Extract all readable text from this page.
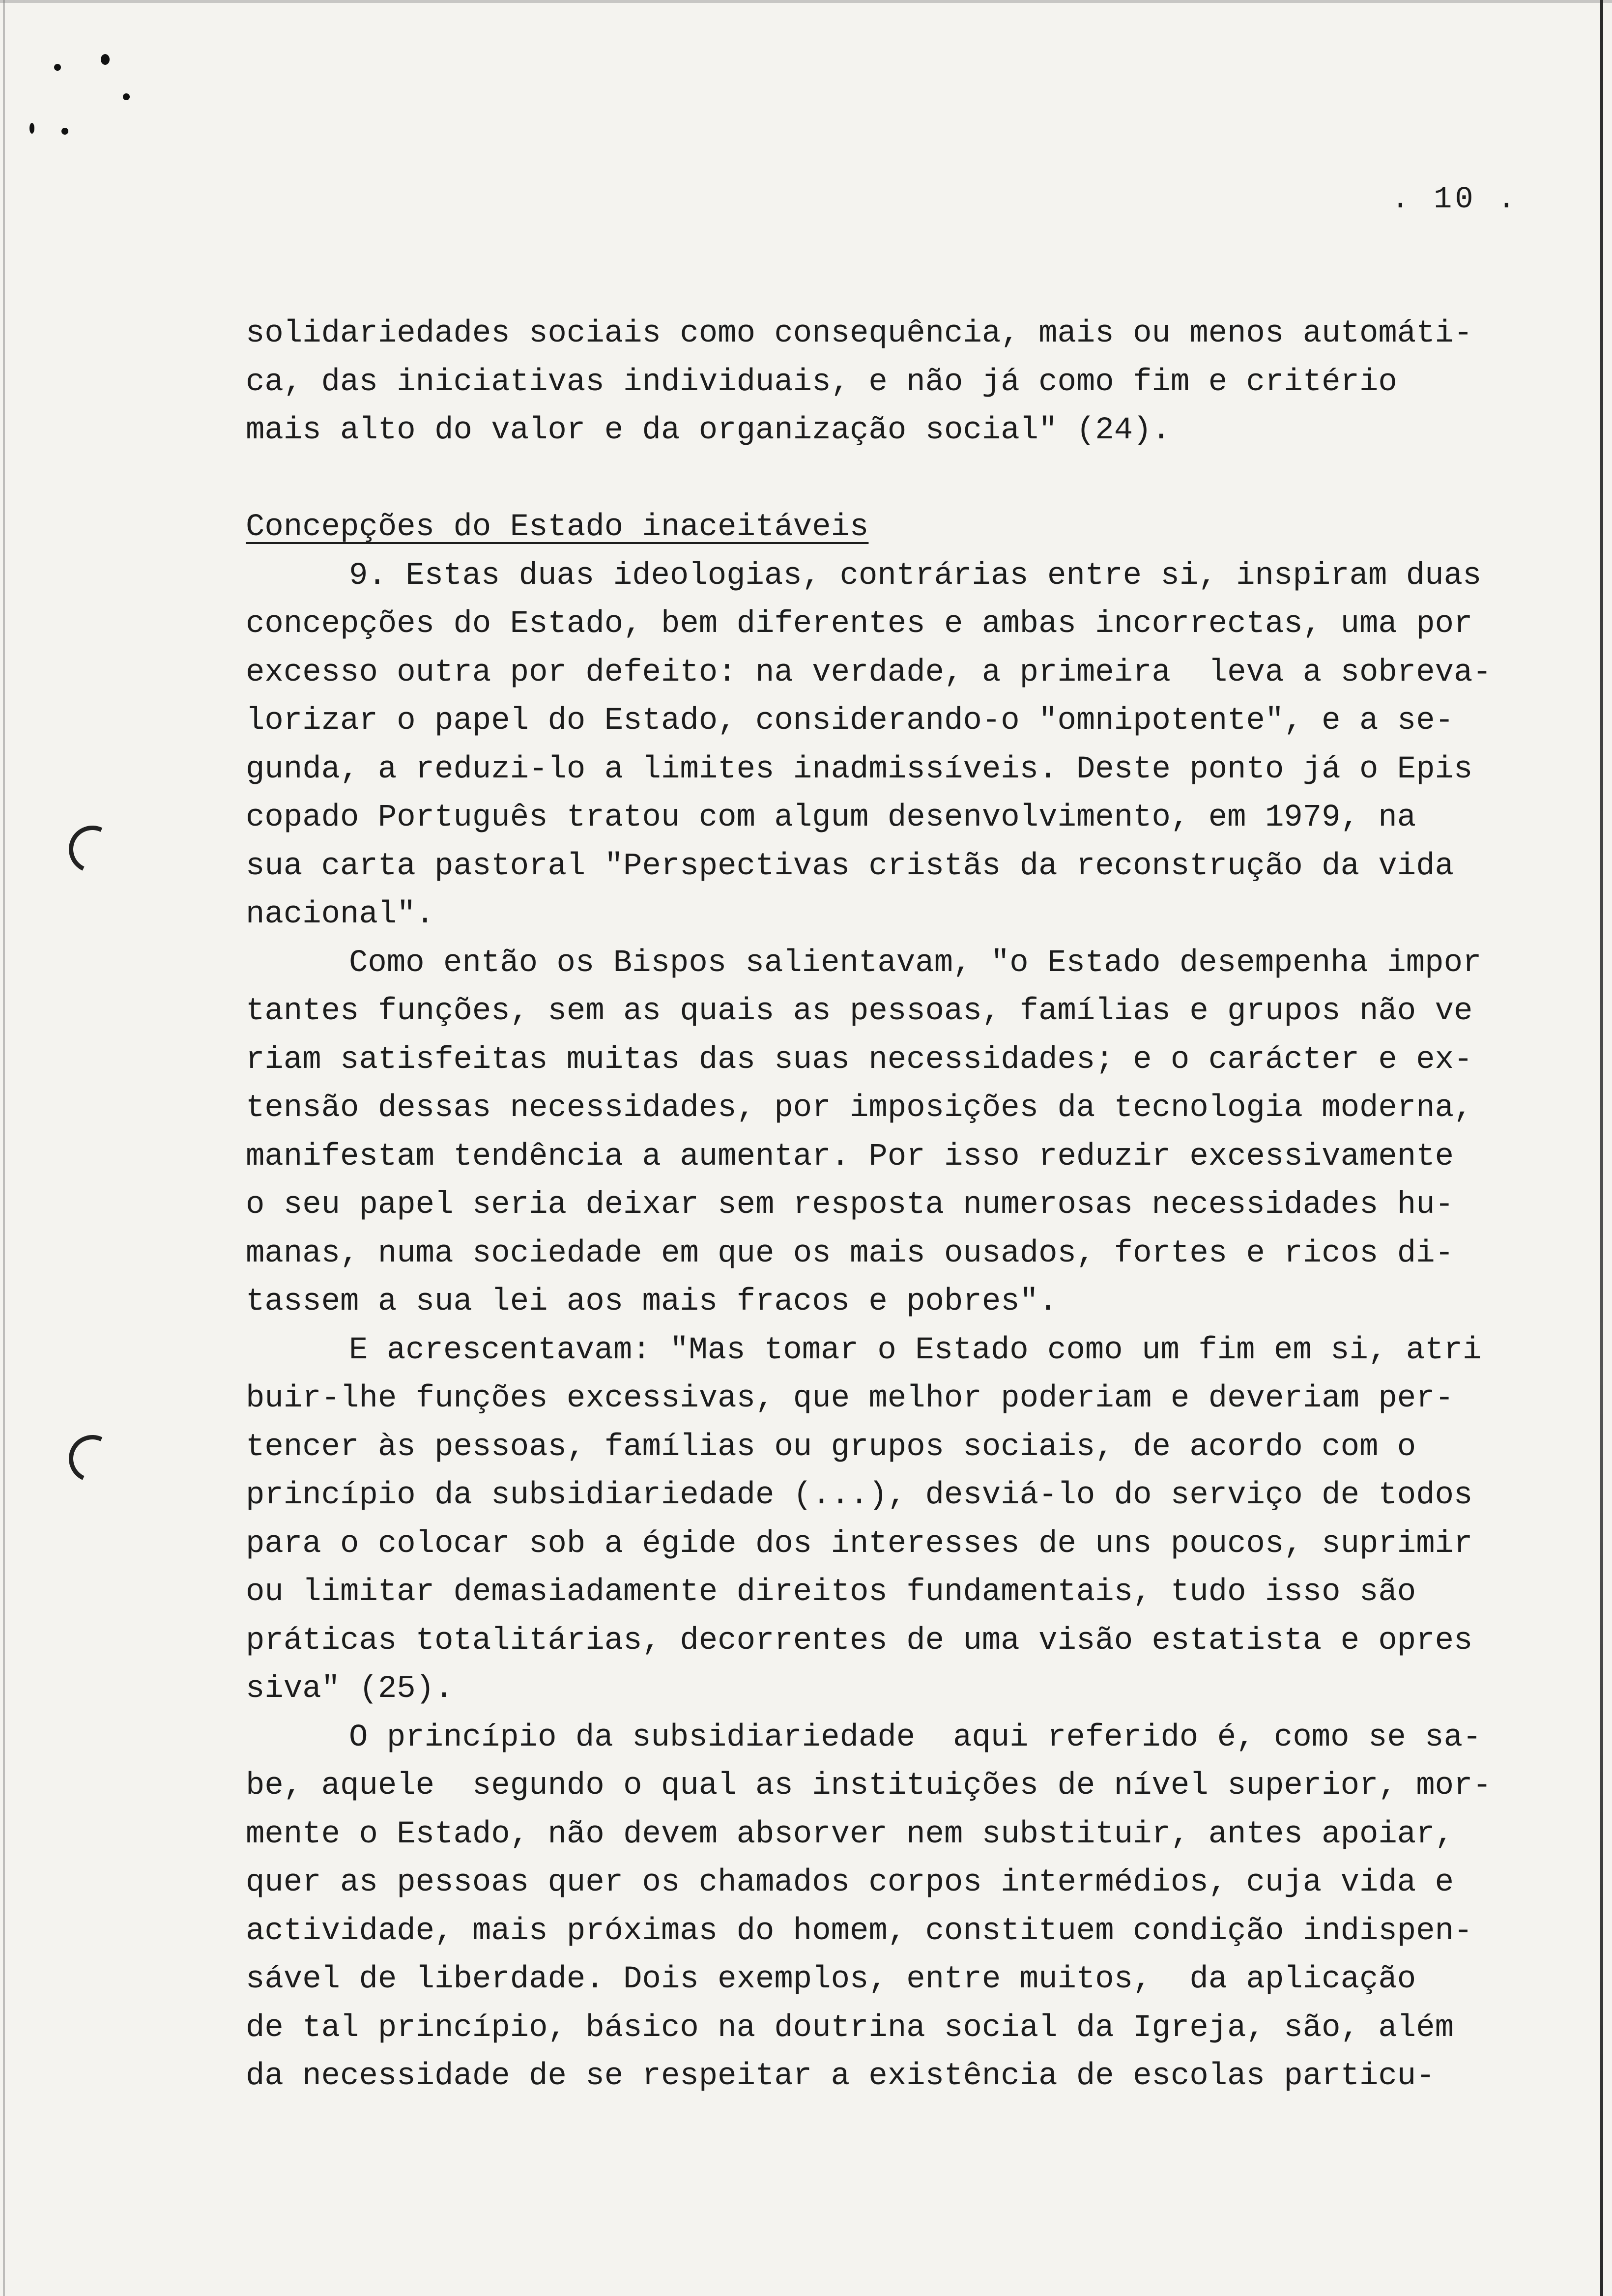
. 10 .
solidariedades sociais como consequência, mais ou menos automáti-
ca, das iniciativas individuais, e não já como fim e critério
mais alto do valor e da organização social" (24).
Concepções do Estado inaceitáveis
9. Estas duas ideologias, contrárias entre si, inspiram duas
concepções do Estado, bem diferentes e ambas incorrectas, uma por
excesso outra por defeito: na verdade, a primeira  leva a sobreva-
lorizar o papel do Estado, considerando-o "omnipotente", e a se-
gunda, a reduzi-lo a limites inadmissíveis. Deste ponto já o Epis
copado Português tratou com algum desenvolvimento, em 1979, na
sua carta pastoral "Perspectivas cristãs da reconstrução da vida
nacional".
Como então os Bispos salientavam, "o Estado desempenha impor
tantes funções, sem as quais as pessoas, famílias e grupos não ve
riam satisfeitas muitas das suas necessidades; e o carácter e ex-
tensão dessas necessidades, por imposições da tecnologia moderna,
manifestam tendência a aumentar. Por isso reduzir excessivamente
o seu papel seria deixar sem resposta numerosas necessidades hu-
manas, numa sociedade em que os mais ousados, fortes e ricos di-
tassem a sua lei aos mais fracos e pobres".
E acrescentavam: "Mas tomar o Estado como um fim em si, atri
buir-lhe funções excessivas, que melhor poderiam e deveriam per-
tencer às pessoas, famílias ou grupos sociais, de acordo com o
princípio da subsidiariedade (...), desviá-lo do serviço de todos
para o colocar sob a égide dos interesses de uns poucos, suprimir
ou limitar demasiadamente direitos fundamentais, tudo isso são
práticas totalitárias, decorrentes de uma visão estatista e opres
siva" (25).
O princípio da subsidiariedade  aqui referido é, como se sa-
be, aquele  segundo o qual as instituições de nível superior, mor-
mente o Estado, não devem absorver nem substituir, antes apoiar,
quer as pessoas quer os chamados corpos intermédios, cuja vida e
actividade, mais próximas do homem, constituem condição indispen-
sável de liberdade. Dois exemplos, entre muitos,  da aplicação
de tal princípio, básico na doutrina social da Igreja, são, além
da necessidade de se respeitar a existência de escolas particu-
